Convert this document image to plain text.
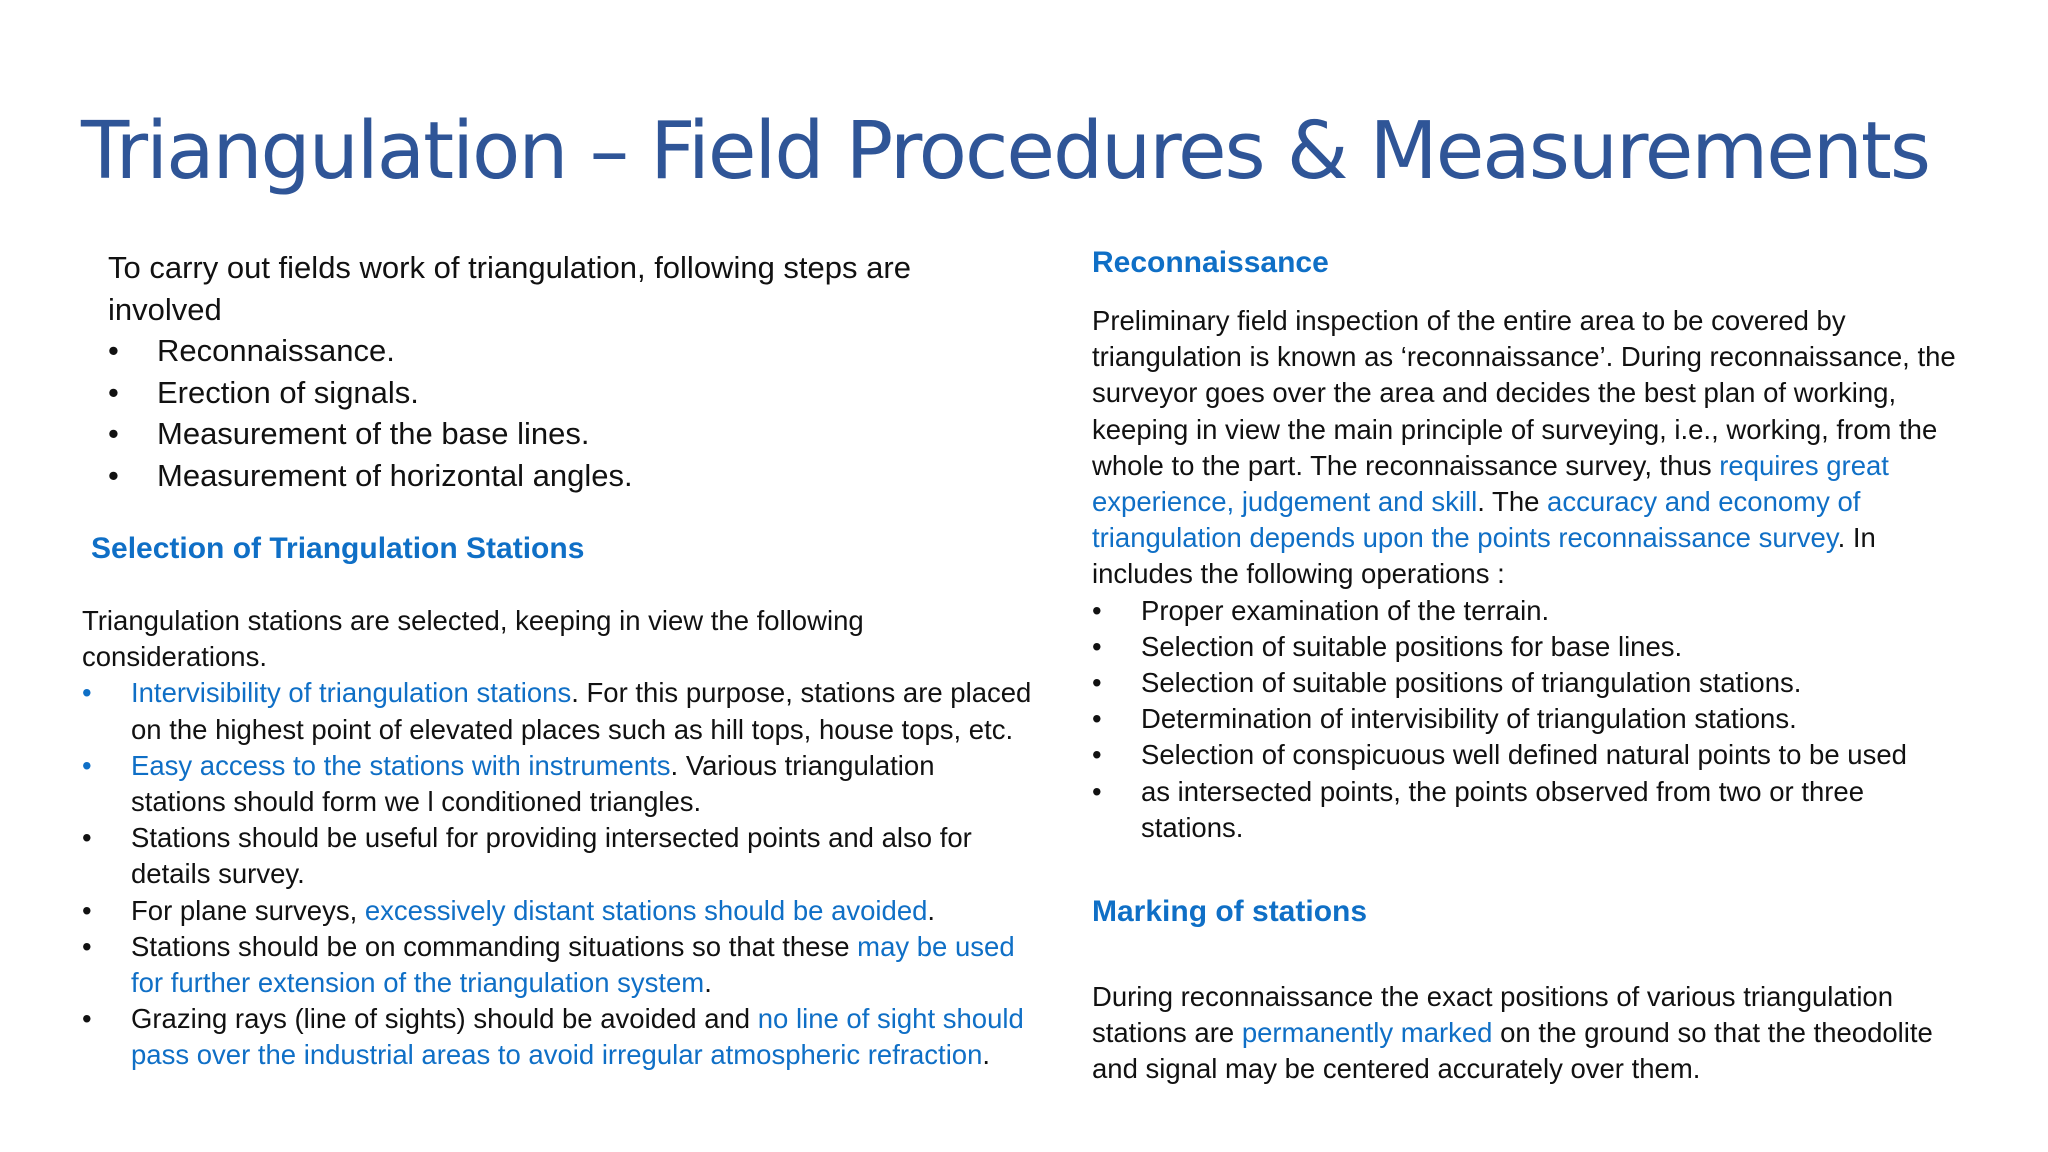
Triangulation – Field Procedures & Measurements

To carry out fields work of triangulation, following steps are involved

• Reconnaissance.
• Erection of signals.
• Measurement of the base lines.
• Measurement of horizontal angles.
Selection of Triangulation Stations

Triangulation stations are selected, keeping in view the following considerations.

• Intervisibility of triangulation stations. For this purpose, stations are placed on the highest point of elevated places such as hill tops, house tops, etc.
• Easy access to the stations with instruments. Various triangulation stations should form we l conditioned triangles.
• Stations should be useful for providing intersected points and also for details survey.
• For plane surveys, excessively distant stations should be avoided.
• Stations should be on commanding situations so that these may be used for further extension of the triangulation system.
• Grazing rays (line of sights) should be avoided and no line of sight should pass over the industrial areas to avoid irregular atmospheric refraction.
Reconnaissance

Preliminary field inspection of the entire area to be covered by triangulation is known as ‘reconnaissance’. During reconnaissance, the surveyor goes over the area and decides the best plan of working, keeping in view the main principle of surveying, i.e., working, from the whole to the part. The reconnaissance survey, thus requires great experience, judgement and skill. The accuracy and economy of triangulation depends upon the points reconnaissance survey. In includes the following operations :

• Proper examination of the terrain.
• Selection of suitable positions for base lines.
• Selection of suitable positions of triangulation stations.
• Determination of intervisibility of triangulation stations.
• Selection of conspicuous well defined natural points to be used
• as intersected points, the points observed from two or three stations.
Marking of stations

During reconnaissance the exact positions of various triangulation stations are permanently marked on the ground so that the theodolite and signal may be centered accurately over them.
